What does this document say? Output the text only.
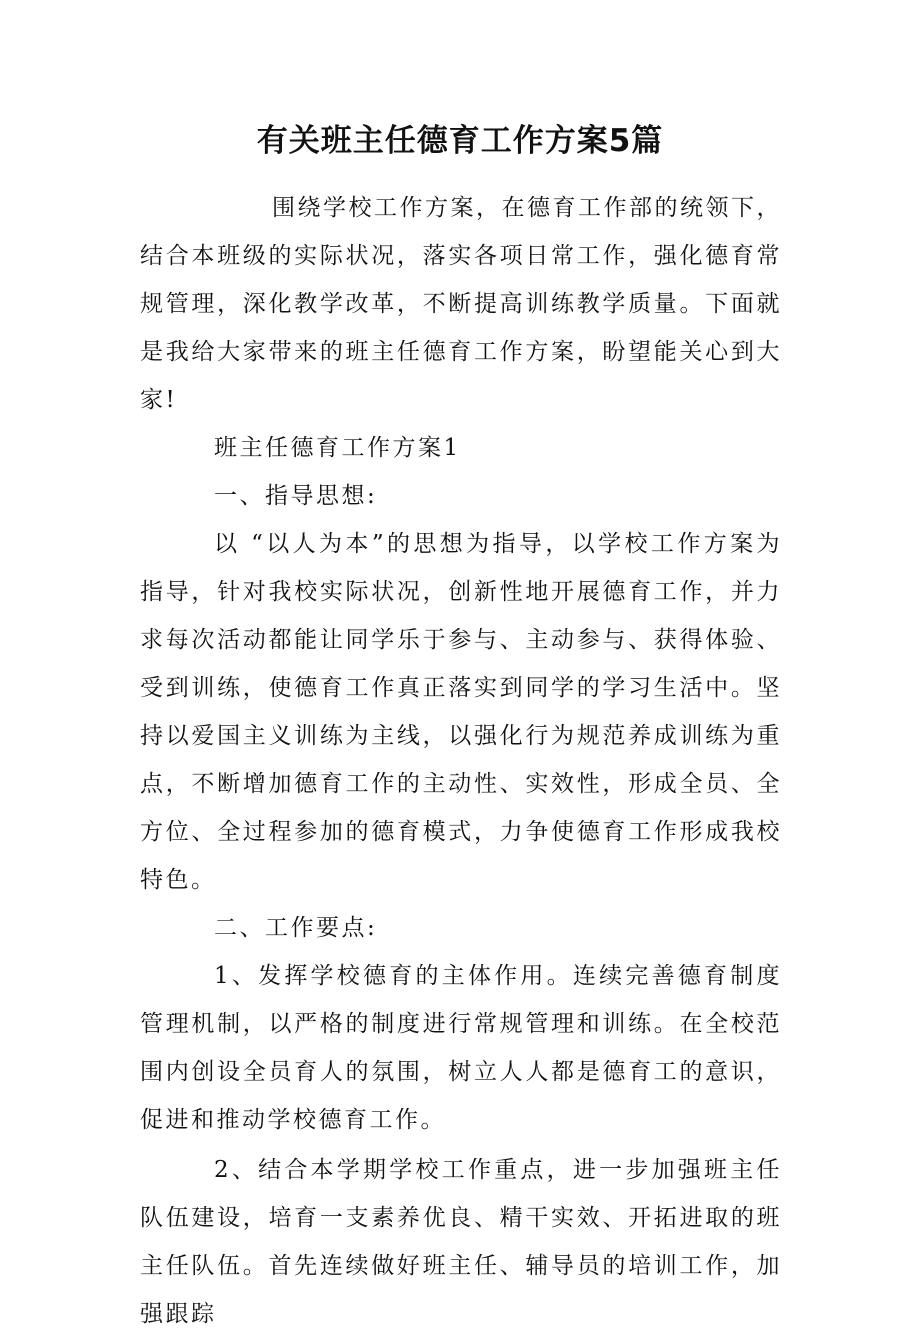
有关班主任德育工作方案5篇

围绕学校工作方案，在德育工作部的统领下，结合本班级的实际状况，落实各项日常工作，强化德育常规管理，深化教学改革，不断提高训练教学质量。下面就是我给大家带来的班主任德育工作方案，盼望能关心到大家!

班主任德育工作方案1

一、指导思想:

以 “以人为本”的思想为指导，以学校工作方案为指导，针对我校实际状况，创新性地开展德育工作，并力求每次活动都能让同学乐于参与、主动参与、获得体验、受到训练，使德育工作真正落实到同学的学习生活中。坚持以爱国主义训练为主线，以强化行为规范养成训练为重点，不断增加德育工作的主动性、实效性，形成全员、全方位、全过程参加的德育模式，力争使德育工作形成我校特色。

二、工作要点:

1、发挥学校德育的主体作用。连续完善德育制度管理机制，以严格的制度进行常规管理和训练。在全校范围内创设全员育人的氛围，树立人人都是德育工的意识，促进和推动学校德育工作。

2、结合本学期学校工作重点，进一步加强班主任队伍建设，培育一支素养优良、精干实效、开拓进取的班主任队伍。首先连续做好班主任、辅导员的培训工作，加强跟踪
